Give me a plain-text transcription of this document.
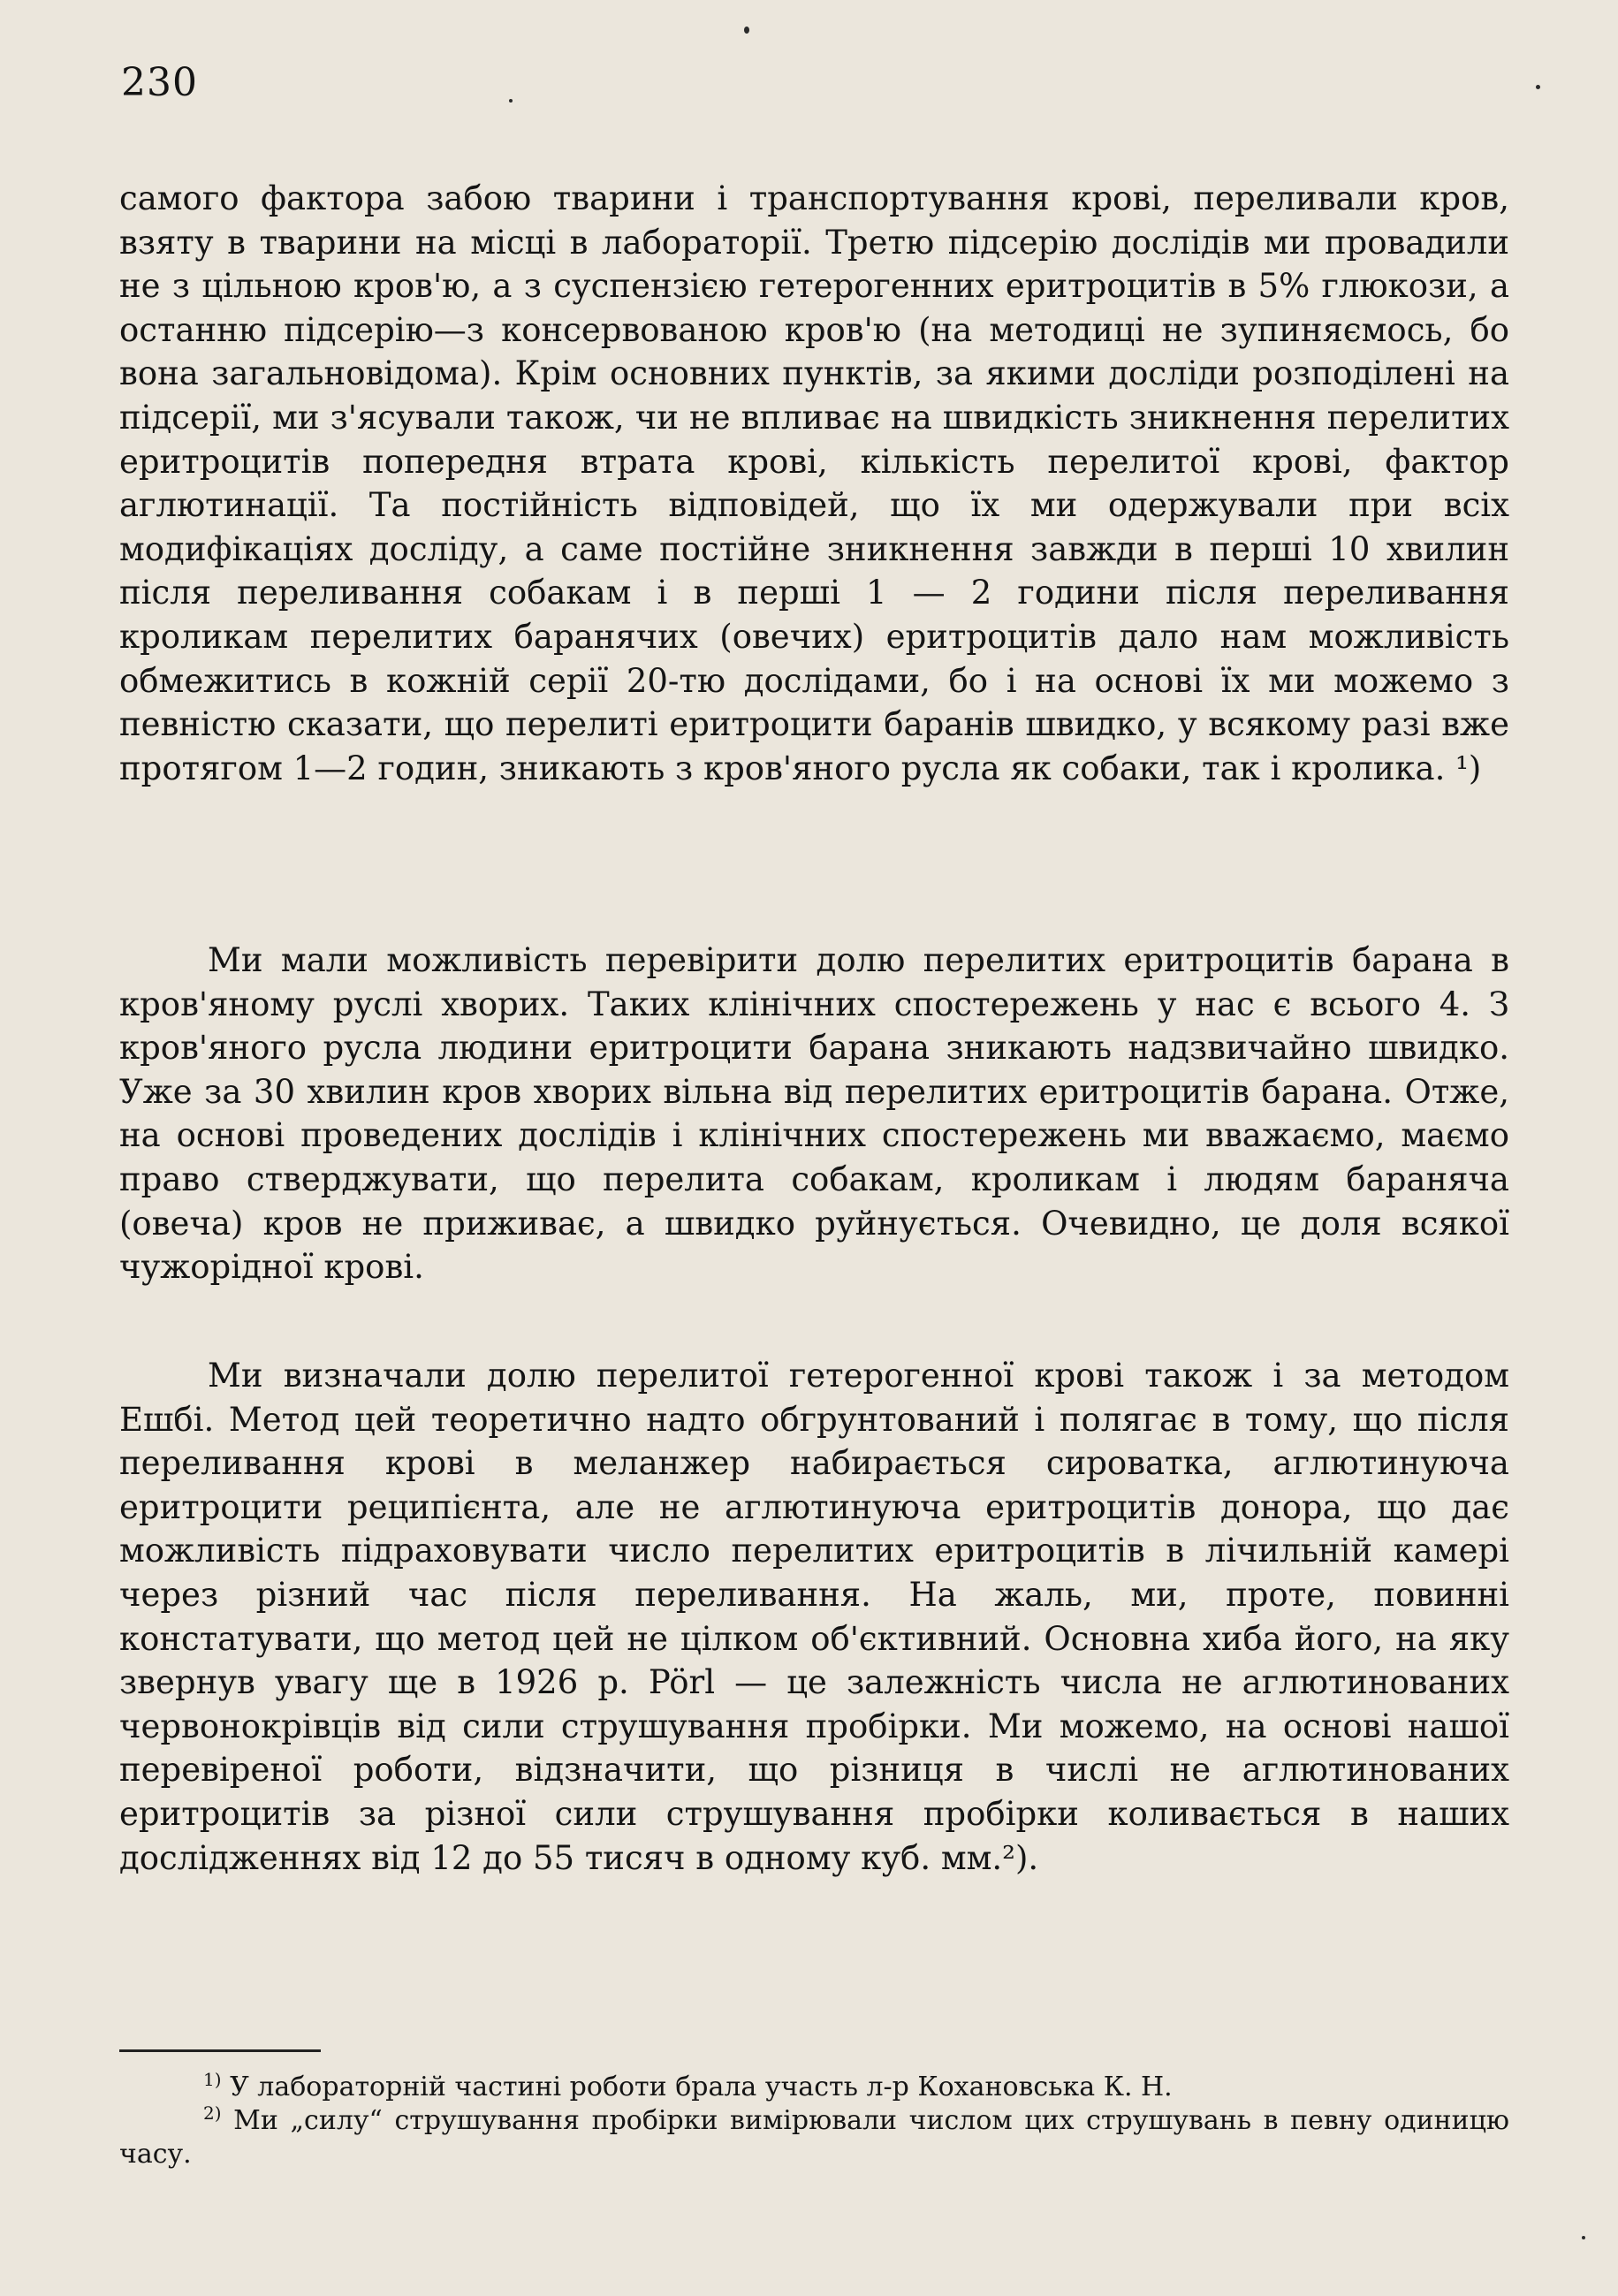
230

самого фактора забою тварини і транспортування крові, переливали кров, взяту в тварини на місці в лабораторії. Третю підсерію дослідів ми провадили не з цільною кров'ю, а з суспензією гетерогенних еритроцитів в 5% глюкози, а останню підсерію—з консервованою кров'ю (на методиці не зупиняємось, бо вона загальновідома). Крім основних пунктів, за якими досліди розподілені на підсерії, ми з'ясували також, чи не впливає на швидкість зникнення перелитих еритроцитів попередня втрата крові, кількість перелитої крові, фактор аглютинації. Та постійність відповідей, що їх ми одержували при всіх модифікаціях досліду, а саме постійне зникнення завжди в перші 10 хвилин після переливання собакам і в перші 1 — 2 години після переливання кроликам перелитих баранячих (овечих) еритроцитів дало нам можливість обмежитись в кожній серії 20-тю дослідами, бо і на основі їх ми можемо з певністю сказати, що перелиті еритроцити баранів швидко, у всякому разі вже протягом 1—2 годин, зникають з кров'яного русла як собаки, так і кролика. ¹)

Ми мали можливість перевірити долю перелитих еритроцитів барана в кров'яному руслі хворих. Таких клінічних спостережень у нас є всього 4. З кров'яного русла людини еритроцити барана зникають надзвичайно швидко. Уже за 30 хвилин кров хворих вільна від перелитих еритроцитів барана. Отже, на основі проведених дослідів і клінічних спостережень ми вважаємо, маємо право стверджувати, що перелита собакам, кроликам і людям бараняча (овеча) кров не приживає, а швидко руйнується. Очевидно, це доля всякої чужорідної крові.

Ми визначали долю перелитої гетерогенної крові також і за методом Ешбі. Метод цей теоретично надто обгрунтований і полягає в тому, що після переливання крові в меланжер набирається сироватка, аглютинуюча еритроцити реципієнта, але не аглютинуюча еритроцитів донора, що дає можливість підраховувати число перелитих еритроцитів в лічильній камері через різний час після переливання. На жаль, ми, проте, повинні констатувати, що метод цей не цілком об'єктивний. Основна хиба його, на яку звернув увагу ще в 1926 р. Pörl — це залежність числа не аглютинованих червонокрівців від сили струшування пробірки. Ми можемо, на основі нашої перевіреної роботи, відзначити, що різниця в числі не аглютинованих еритроцитів за різної сили струшування пробірки коливається в наших дослідженнях від 12 до 55 тисяч в одному куб. мм.²).

$^{1)}$ У лабораторній частині роботи брала участь л-р Кохановська К. Н.

$^{2)}$ Ми „силу“ струшування пробірки вимірювали числом цих струшувань в певну одиницю часу.
